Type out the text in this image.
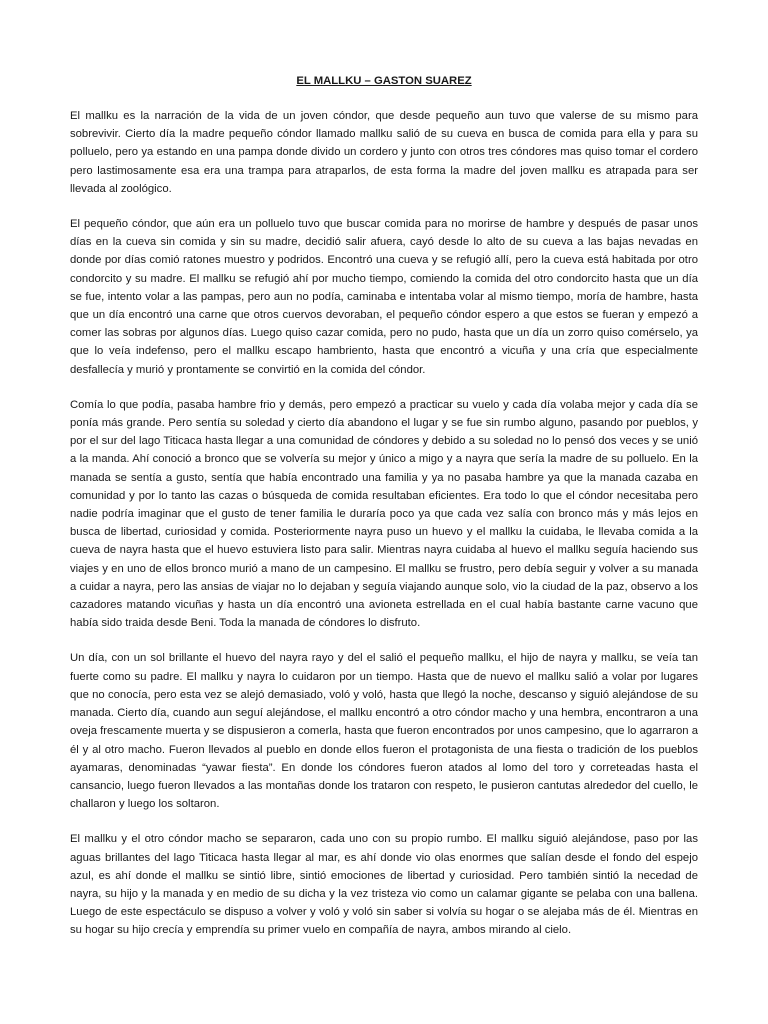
EL MALLKU – GASTON SUAREZ

El mallku es la narración de la vida de un joven cóndor, que desde pequeño aun tuvo que valerse de su mismo para sobrevivir. Cierto día la madre pequeño cóndor llamado mallku salió de su cueva en busca de comida para ella y para su polluelo, pero ya estando en una pampa donde divido un cordero y junto con otros tres cóndores mas quiso tomar el cordero pero lastimosamente esa era una trampa para atraparlos, de esta forma la madre del joven mallku es atrapada para ser llevada al zoológico.

El pequeño cóndor, que aún era un polluelo tuvo que buscar comida para no morirse de hambre y después de pasar unos días en la cueva sin comida y sin su madre, decidió salir afuera, cayó desde lo alto de su cueva a las bajas nevadas en donde por días comió ratones muestro y podridos. Encontró una cueva y se refugió allí, pero la cueva está habitada por otro condorcito y su madre. El mallku se refugió ahí por mucho tiempo, comiendo la comida del otro condorcito hasta que un día se fue, intento volar a las pampas, pero aun no podía, caminaba e intentaba volar al mismo tiempo, moría de hambre, hasta que un día encontró una carne que otros cuervos devoraban, el pequeño cóndor espero a que estos se fueran y empezó a comer las sobras por algunos días. Luego quiso cazar comida, pero no pudo, hasta que un día un zorro quiso comérselo, ya que lo veía indefenso, pero el mallku escapo hambriento, hasta que encontró a vicuña y una cría que especialmente desfallecía y murió y prontamente se convirtió en la comida del cóndor.

Comía lo que podía, pasaba hambre frio y demás, pero empezó a practicar su vuelo y cada día volaba mejor y cada día se ponía más grande. Pero sentía su soledad y cierto día abandono el lugar y se fue sin rumbo alguno, pasando por pueblos, y por el sur del lago Titicaca hasta llegar a una comunidad de cóndores y debido a su soledad no lo pensó dos veces y se unió a la manda. Ahí conoció a bronco que se volvería su mejor y único a migo y a nayra que sería la madre de su polluelo. En la manada se sentía a gusto, sentía que había encontrado una familia y ya no pasaba hambre ya que la manada cazaba en comunidad y por lo tanto las cazas o búsqueda de comida resultaban eficientes. Era todo lo que el cóndor necesitaba pero nadie podría imaginar que el gusto de tener familia le duraría poco ya que cada vez salía con bronco más y más lejos en busca de libertad, curiosidad y comida. Posteriormente nayra puso un huevo y el mallku la cuidaba, le llevaba comida a la cueva de nayra hasta que el huevo estuviera listo para salir. Mientras nayra cuidaba al huevo el mallku seguía haciendo sus viajes y en uno de ellos bronco murió a mano de un campesino. El mallku se frustro, pero debía seguir y volver a su manada a cuidar a nayra, pero las ansias de viajar no lo dejaban y seguía viajando aunque solo, vio la ciudad de la paz, observo a los cazadores matando vicuñas y hasta un día encontró una avioneta estrellada en el cual había bastante carne vacuno que había sido traida desde Beni. Toda la manada de cóndores lo disfruto.

Un día, con un sol brillante el huevo del nayra rayo y del el salió el pequeño mallku, el hijo de nayra y mallku, se veía tan fuerte como su padre. El mallku y nayra lo cuidaron por un tiempo. Hasta que de nuevo el mallku salió a volar por lugares que no conocía, pero esta vez se alejó demasiado, voló y voló, hasta que llegó la noche, descanso y siguió alejándose de su manada. Cierto día, cuando aun seguí alejándose, el mallku encontró a otro cóndor macho y una hembra, encontraron a una oveja frescamente muerta y se dispusieron a comerla, hasta que fueron encontrados por unos campesino, que lo agarraron a él y al otro macho. Fueron llevados al pueblo en donde ellos fueron el protagonista de una fiesta o tradición de los pueblos ayamaras, denominadas “yawar fiesta”. En donde los cóndores fueron atados al lomo del toro y correteadas hasta el cansancio, luego fueron llevados a las montañas donde los trataron con respeto, le pusieron cantutas alrededor del cuello, le challaron y luego los soltaron.

El mallku y el otro cóndor macho se separaron, cada uno con su propio rumbo. El mallku siguió alejándose, paso por las aguas brillantes del lago Titicaca hasta llegar al mar, es ahí donde vio olas enormes que salían desde el fondo del espejo azul, es ahí donde el mallku se sintió libre, sintió emociones de libertad y curiosidad. Pero también sintió la necedad de nayra, su hijo y la manada y en medio de su dicha y la vez tristeza vio como un calamar gigante se pelaba con una ballena. Luego de este espectáculo se dispuso a volver y voló y voló sin saber si volvía su hogar o se alejaba más de él. Mientras en su hogar su hijo crecía y emprendía su primer vuelo en compañía de nayra, ambos mirando al cielo.
